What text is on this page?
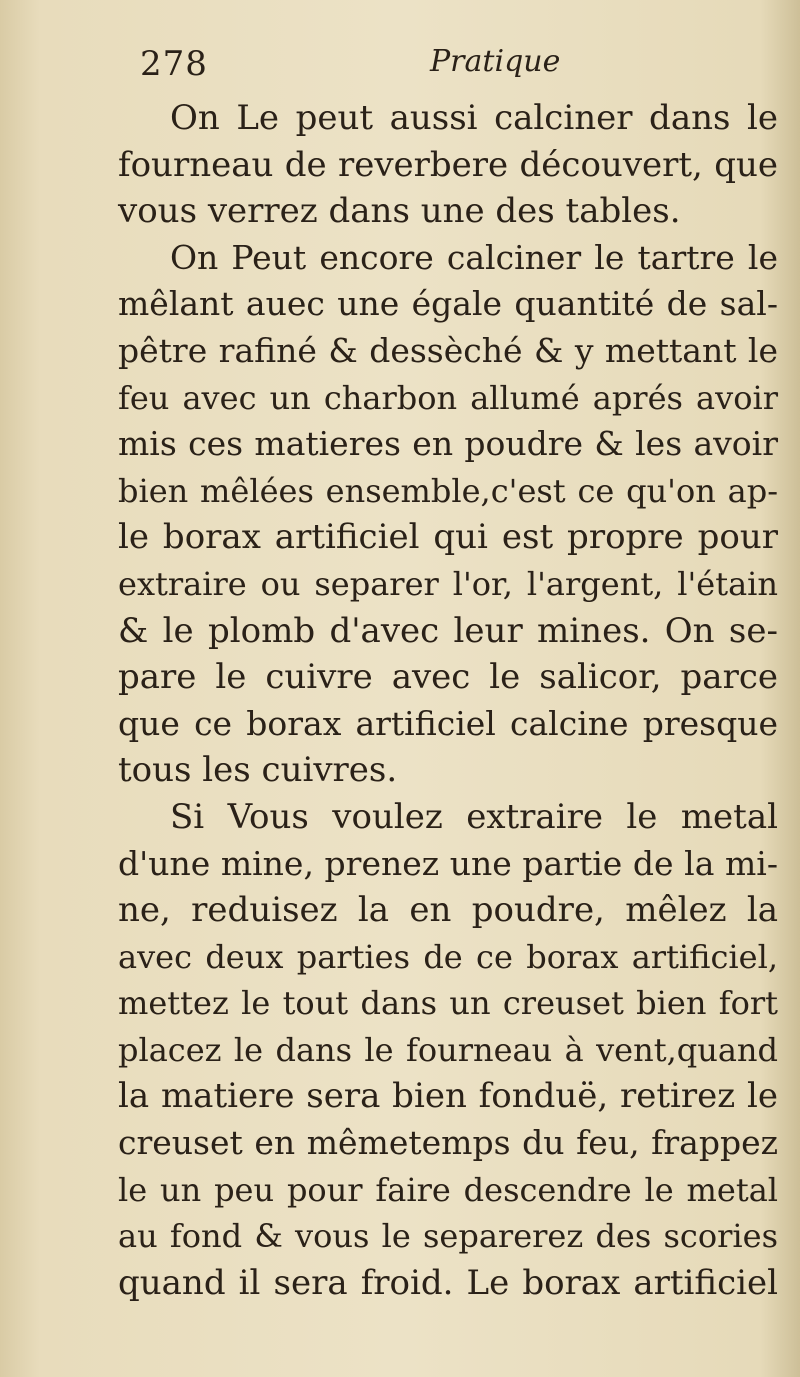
278	Pratique
On Le peut aussi calciner dans le
fourneau de reverbere découvert, que
vous verrez dans une des tables.
On Peut encore calciner le tartre le
mêlant auec une égale quantité de sal-
pêtre rafiné & dessèché & y mettant le
feu avec un charbon allumé aprés avoir
mis ces matieres en poudre & les avoir
bien mêlées ensemble,c'est ce qu'on ap-
le borax artificiel qui est propre pour
extraire ou separer l'or, l'argent, l'étain
& le plomb d'avec leur mines. On se-
pare le cuivre avec le salicor, parce
que ce borax artificiel calcine presque
tous les cuivres.
Si Vous voulez extraire le metal
d'une mine, prenez une partie de la mi-
ne, reduisez la en poudre, mêlez la
avec deux parties de ce borax artificiel,
mettez le tout dans un creuset bien fort
placez le dans le fourneau à vent,quand
la matiere sera bien fonduë, retirez le
creuset en mêmetemps du feu, frappez
le un peu pour faire descendre le metal
au fond & vous le separerez des scories
quand il sera froid. Le borax artificiel
